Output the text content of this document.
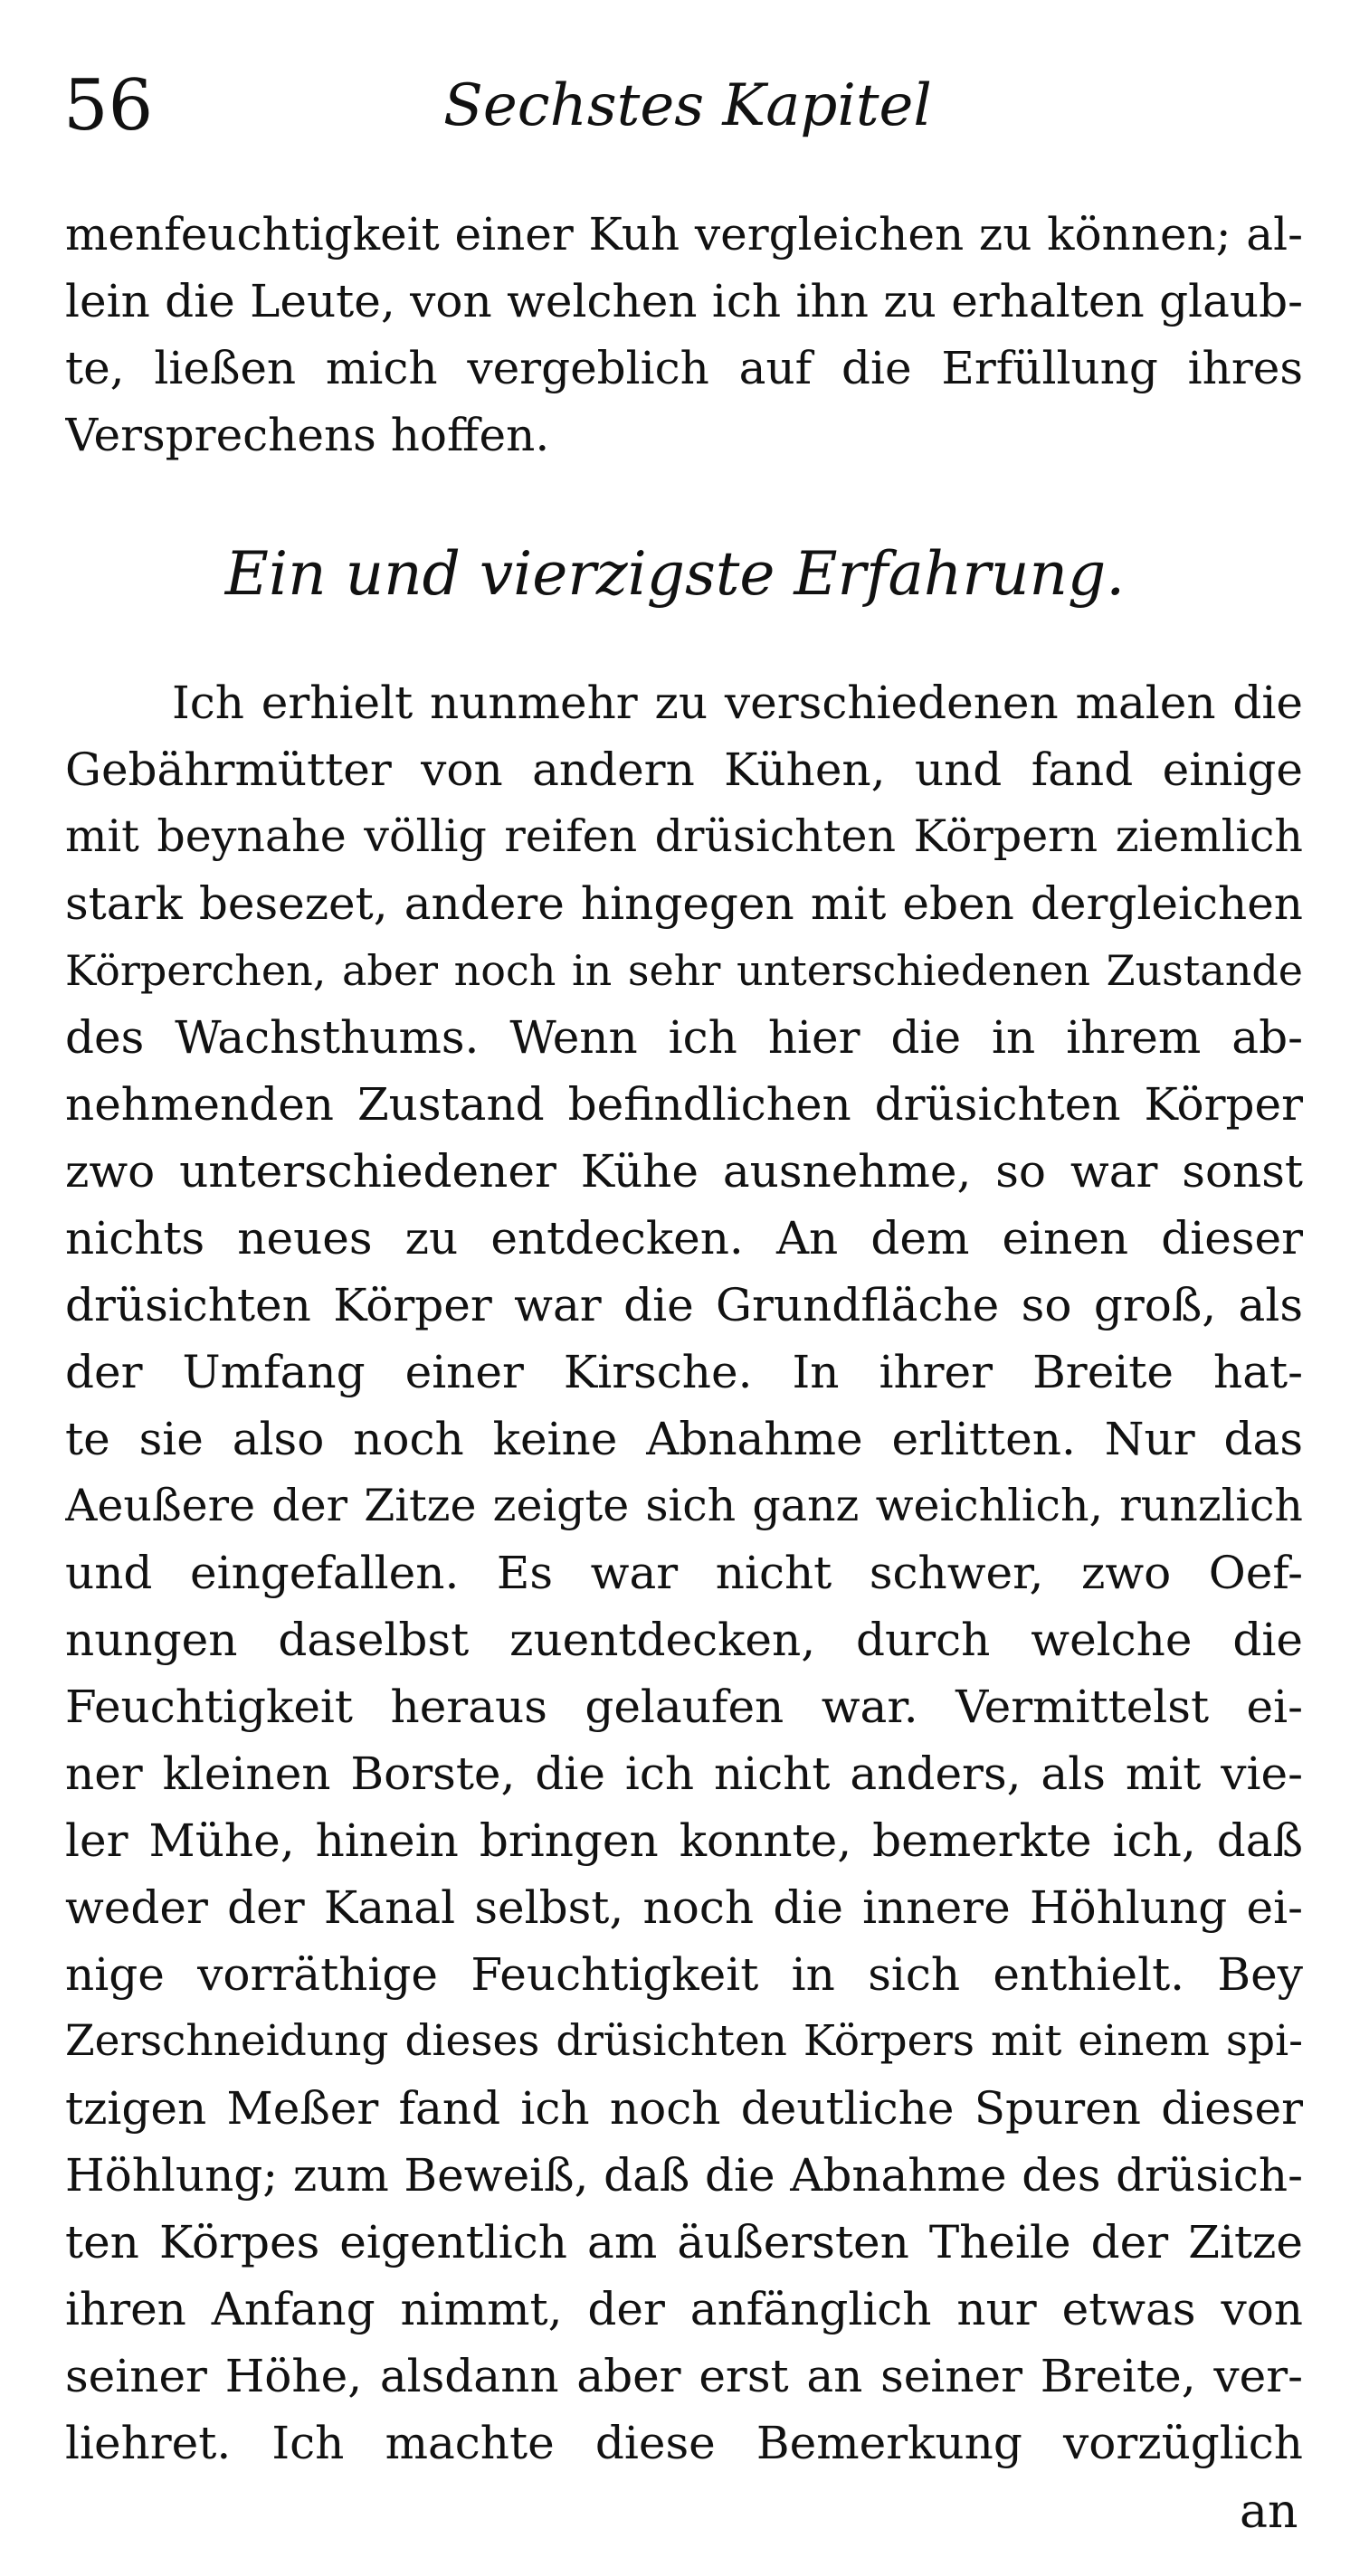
56	Sechstes Kapitel
menfeuchtigkeit einer Kuh vergleichen zu können; al-
lein die Leute, von welchen ich ihn zu erhalten glaub-
te, ließen mich vergeblich auf die Erfüllung ihres
Versprechens hoffen.
Ich erhielt nunmehr zu verschiedenen malen die
Gebährmütter von andern Kühen, und fand einige
mit beynahe völlig reifen drüsichten Körpern ziemlich
stark besezet, andere hingegen mit eben dergleichen
Körperchen, aber noch in sehr unterschiedenen Zustande
des Wachsthums. Wenn ich hier die in ihrem ab-
nehmenden Zustand befindlichen drüsichten Körper
zwo unterschiedener Kühe ausnehme, so war sonst
nichts neues zu entdecken. An dem einen dieser
drüsichten Körper war die Grundfläche so groß, als
der Umfang einer Kirsche. In ihrer Breite hat-
te sie also noch keine Abnahme erlitten. Nur das
Aeußere der Zitze zeigte sich ganz weichlich, runzlich
und eingefallen. Es war nicht schwer, zwo Oef-
nungen daselbst zuentdecken, durch welche die
Feuchtigkeit heraus gelaufen war. Vermittelst ei-
ner kleinen Borste, die ich nicht anders, als mit vie-
ler Mühe, hinein bringen konnte, bemerkte ich, daß
weder der Kanal selbst, noch die innere Höhlung ei-
nige vorräthige Feuchtigkeit in sich enthielt. Bey
Zerschneidung dieses drüsichten Körpers mit einem spi-
tzigen Meßer fand ich noch deutliche Spuren dieser
Höhlung; zum Beweiß, daß die Abnahme des drüsich-
ten Körpes eigentlich am äußersten Theile der Zitze
ihren Anfang nimmt, der anfänglich nur etwas von
seiner Höhe, alsdann aber erst an seiner Breite, ver-
liehret. Ich machte diese Bemerkung vorzüglich
Ein und vierzigste Erfahrung.
an
